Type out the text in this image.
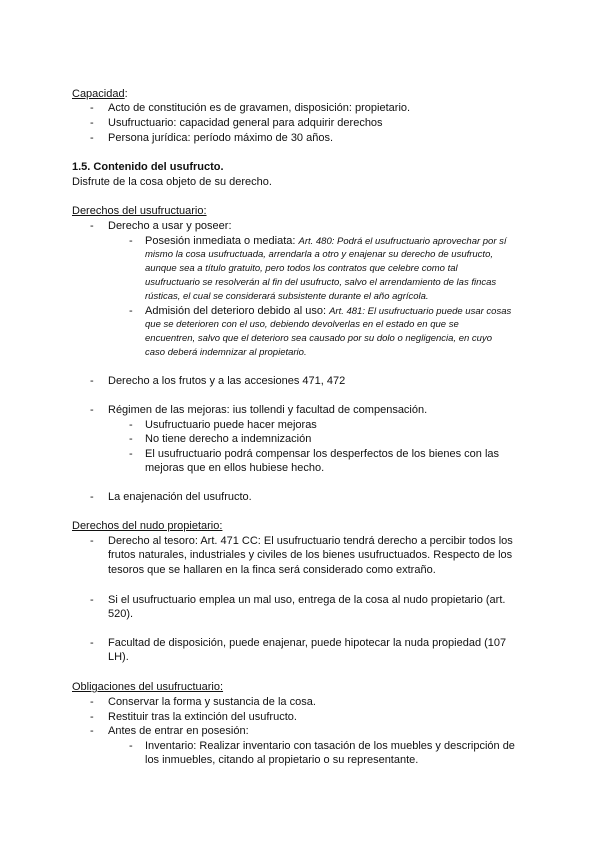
Capacidad:
- Acto de constitución es de gravamen, disposición: propietario.
- Usufructuario: capacidad general para adquirir derechos
- Persona jurídica: período máximo de 30 años.
1.5. Contenido del usufructo.
Disfrute de la cosa objeto de su derecho.
Derechos del usufructuario:
- Derecho a usar y poseer:
- Posesión inmediata o mediata: Art. 480: Podrá el usufructuario aprovechar por sí
mismo la cosa usufructuada, arrendarla a otro y enajenar su derecho de usufructo,
aunque sea a título gratuito, pero todos los contratos que celebre como tal
usufructuario se resolverán al fin del usufructo, salvo el arrendamiento de las fincas
rústicas, el cual se considerará subsistente durante el año agrícola.
- Admisión del deterioro debido al uso: Art. 481: El usufructuario puede usar cosas
que se deterioren con el uso, debiendo devolverlas en el estado en que se
encuentren, salvo que el deterioro sea causado por su dolo o negligencia, en cuyo
caso deberá indemnizar al propietario.
- Derecho a los frutos y a las accesiones 471, 472
- Régimen de las mejoras: ius tollendi y facultad de compensación.
- Usufructuario puede hacer mejoras
- No tiene derecho a indemnización
- El usufructuario podrá compensar los desperfectos de los bienes con las
mejoras que en ellos hubiese hecho.
- La enajenación del usufructo.
Derechos del nudo propietario:
- Derecho al tesoro: Art. 471 CC: El usufructuario tendrá derecho a percibir todos los
frutos naturales, industriales y civiles de los bienes usufructuados. Respecto de los
tesoros que se hallaren en la finca será considerado como extraño.
- Si el usufructuario emplea un mal uso, entrega de la cosa al nudo propietario (art.
520).
- Facultad de disposición, puede enajenar, puede hipotecar la nuda propiedad (107
LH).
Obligaciones del usufructuario:
- Conservar la forma y sustancia de la cosa.
- Restituir tras la extinción del usufructo.
- Antes de entrar en posesión:
- Inventario: Realizar inventario con tasación de los muebles y descripción de
los inmuebles, citando al propietario o su representante.
